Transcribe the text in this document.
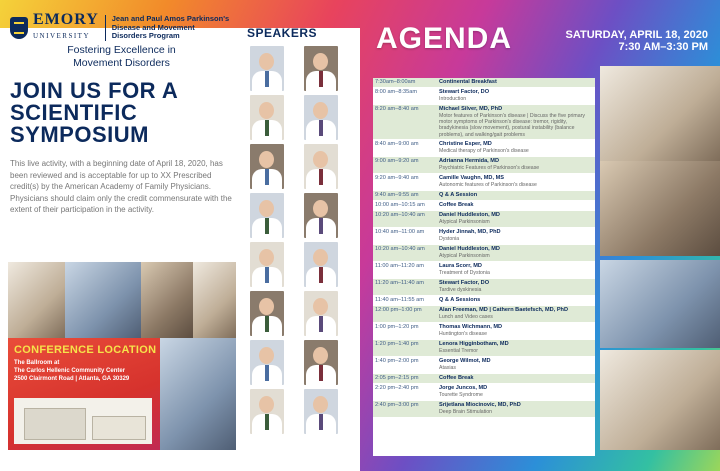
EMORY
UNIVERSITY
Jean and Paul Amos Parkinson's Disease and Movement Disorders Program
Fostering Excellence in
Movement Disorders
JOIN US FOR A SCIENTIFIC SYMPOSIUM
This live activity, with a beginning date of April 18, 2020, has been reviewed and is acceptable for up to XX Prescribed credit(s) by the American Academy of Family Physicians. Physicians should claim only the credit commensurate with the extent of their participation in the activity.
CONFERENCE LOCATION
The Ballroom at
The Carlos Hellenic Community Center
2500 Clairmont Road | Atlanta, GA 30329
SPEAKERS AGENDA	SATURDAY, APRIL 18, 2020
7:30 AM–3:30 PM
7:30am–8:00am	Continental Breakfast
8:00 am–8:35am	Stewart Factor, DO
Introduction
8:20 am–8:40 am	Michael Silver, MD, PhD
Motor features of Parkinson's disease | Discuss the five primary motor symptoms of Parkinson's disease: tremor, rigidity, bradykinesia (slow movement), postural instability (balance problems), and walking/gait problems
8:40 am–9:00 am	Christine Esper, MD
Medical therapy of Parkinson's disease
9:00 am–9:20 am	Adrianna Hermida, MD
Psychiatric Features of Parkinson's disease
9:20 am–9:40 am	Camille Vaughn, MD, MS
Autonomic features of Parkinson's disease
9:40 am–9:55 am	Q & A Session
10:00 am–10:15 am	Coffee Break
10:20 am–10:40 am	Daniel Huddleston, MD
Atypical Parkinsonism
10:40 am–11:00 am	Hyder Jinnah, MD, PhD
Dystonia
10:20 am–10:40 am	Daniel Huddleston, MD
Atypical Parkinsonism
11:00 am–11:20 am	Laura Scorr, MD
Treatment of Dystonia
11:20 am–11:40 am	Stewart Factor, DO
Tardive dyskinesia
11:40 am–11:55 am	Q & A Sessions
12:00 pm–1:00 pm	Alan Freeman, MD | Cathern Baetefsch, MD, PhD
Lunch and Video cases
1:00 pm–1:20 pm	Thomas Wichmann, MD
Huntington's disease
1:20 pm–1:40 pm	Lenora Higginbotham, MD
Essential Tremor
1:40 pm–2:00 pm	George Wilmot, MD
Ataxias
2:05 pm–2:15 pm	Coffee Break
2:20 pm–2:40 pm	Jorge Juncos, MD
Tourette Syndrome
2:40 pm–3:00 pm	Srijetlana Miocinovic, MD, PhD
Deep Brain Stimulation
